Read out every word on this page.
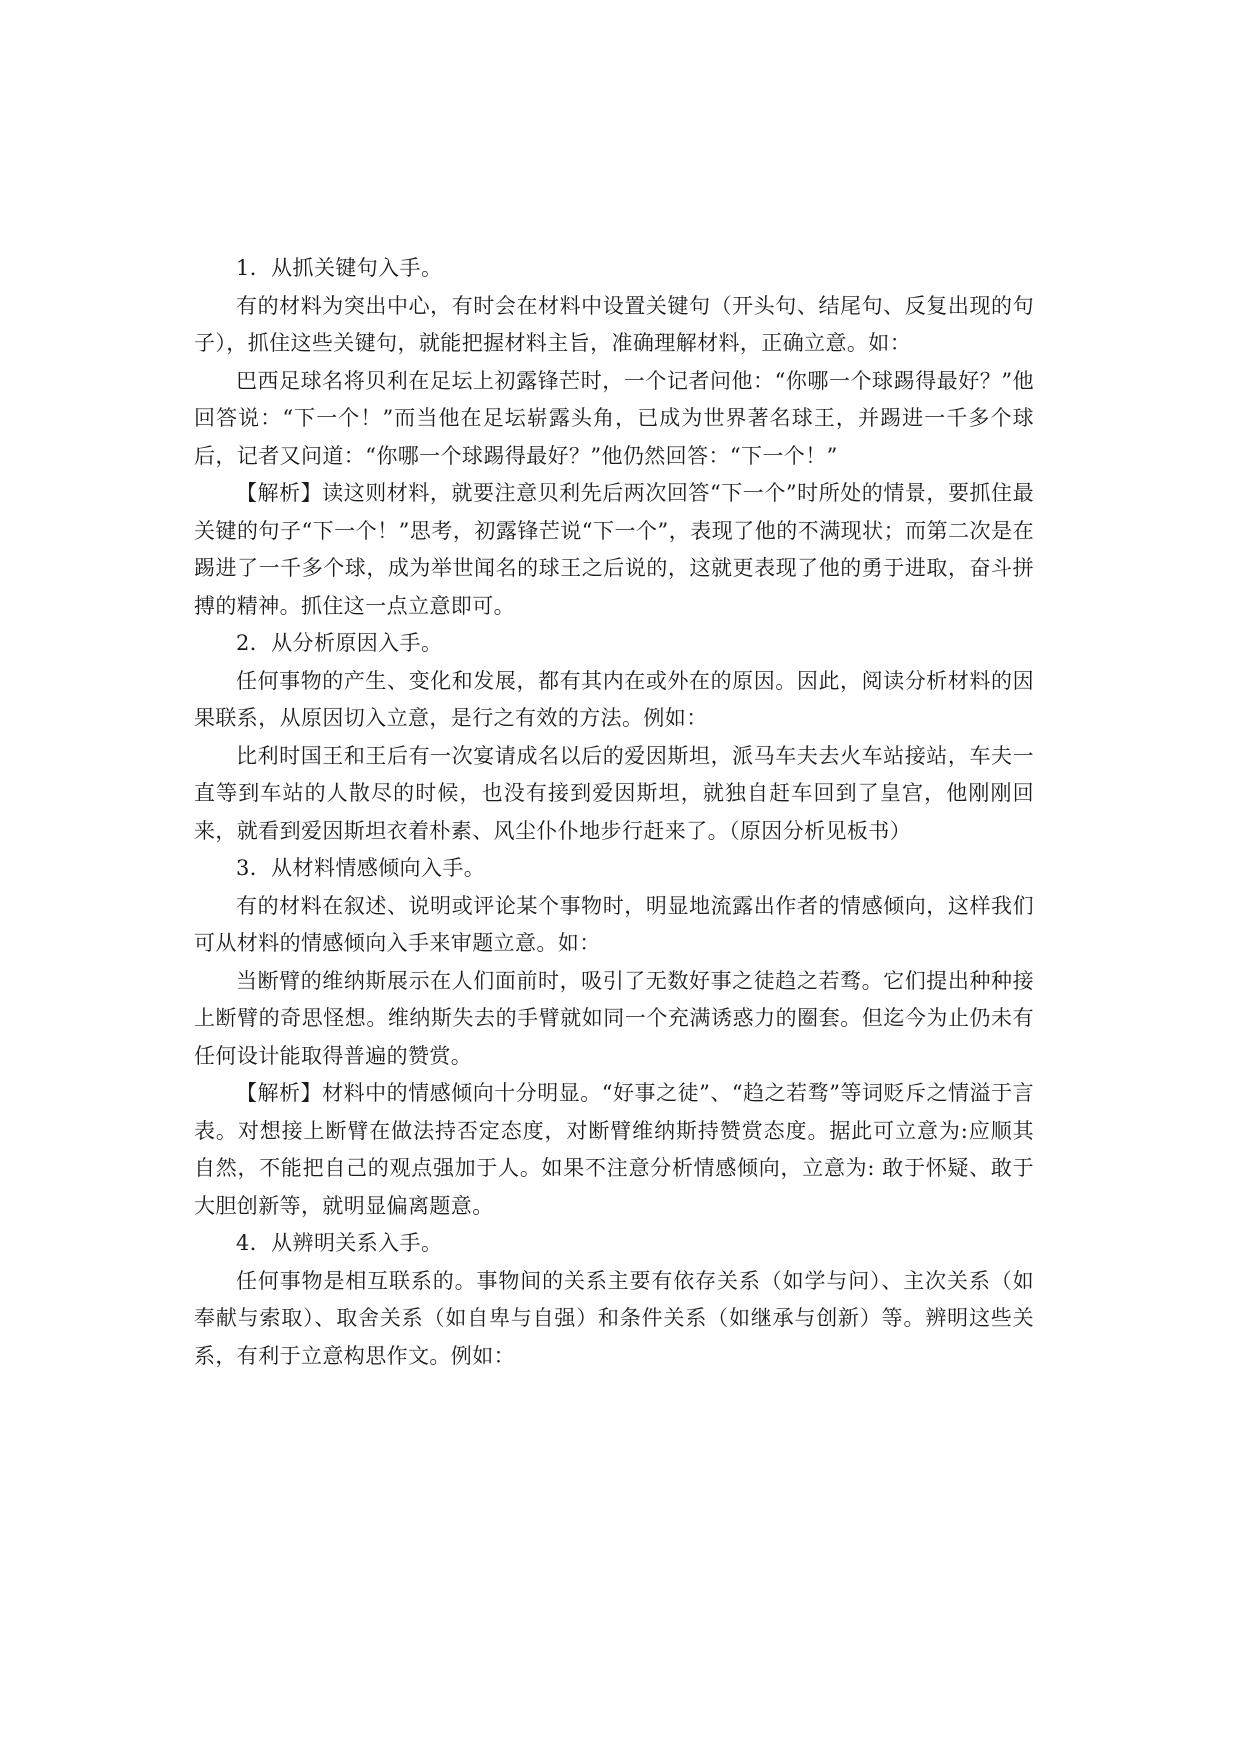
1．从抓关键句入手。

有的材料为突出中心，有时会在材料中设置关键句（开头句、结尾句、反复出现的句子），抓住这些关键句，就能把握材料主旨，准确理解材料，正确立意。如：

巴西足球名将贝利在足坛上初露锋芒时，一个记者问他：“你哪一个球踢得最好？”他回答说：“下一个！”而当他在足坛崭露头角，已成为世界著名球王，并踢进一千多个球后，记者又问道：“你哪一个球踢得最好？”他仍然回答：“下一个！”

【解析】读这则材料，就要注意贝利先后两次回答“下一个”时所处的情景，要抓住最关键的句子“下一个！”思考，初露锋芒说“下一个”，表现了他的不满现状；而第二次是在踢进了一千多个球，成为举世闻名的球王之后说的，这就更表现了他的勇于进取，奋斗拼搏的精神。抓住这一点立意即可。

2．从分析原因入手。

任何事物的产生、变化和发展，都有其内在或外在的原因。因此，阅读分析材料的因果联系，从原因切入立意，是行之有效的方法。例如：

比利时国王和王后有一次宴请成名以后的爱因斯坦，派马车夫去火车站接站，车夫一直等到车站的人散尽的时候，也没有接到爱因斯坦，就独自赶车回到了皇宫，他刚刚回来，就看到爱因斯坦衣着朴素、风尘仆仆地步行赶来了。（原因分析见板书）

3．从材料情感倾向入手。

有的材料在叙述、说明或评论某个事物时，明显地流露出作者的情感倾向，这样我们可从材料的情感倾向入手来审题立意。如：

当断臂的维纳斯展示在人们面前时，吸引了无数好事之徒趋之若骛。它们提出种种接上断臂的奇思怪想。维纳斯失去的手臂就如同一个充满诱惑力的圈套。但迄今为止仍未有任何设计能取得普遍的赞赏。

【解析】材料中的情感倾向十分明显。“好事之徒”、“趋之若骛”等词贬斥之情溢于言表。对想接上断臂在做法持否定态度，对断臂维纳斯持赞赏态度。据此可立意为:应顺其自然，不能把自己的观点强加于人。如果不注意分析情感倾向，立意为: 敢于怀疑、敢于大胆创新等，就明显偏离题意。

4．从辨明关系入手。

任何事物是相互联系的。事物间的关系主要有依存关系（如学与问）、主次关系（如奉献与索取）、取舍关系（如自卑与自强）和条件关系（如继承与创新）等。辨明这些关系，有利于立意构思作文。例如：
